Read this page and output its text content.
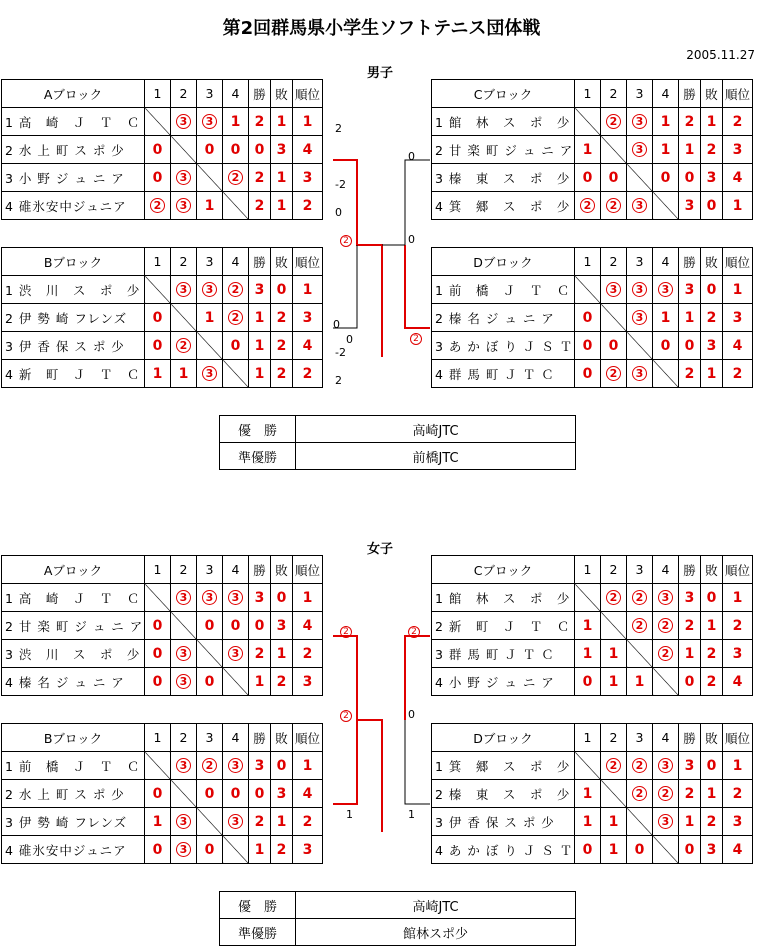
第2回群馬県小学生ソフトテニス団体戦
2005.11.27
男子
女子
Aブロック	1	2	3	4	勝	敗	順位
1 高　崎　Ｊ　Ｔ　Ｃ		3	3	1	2	1	1
2 水 上 町 ス ポ 少	0		0	0	0	3	4
3 小 野 ジ ュ ニ ア	0	3		2	2	1	3
4 碓氷安中ジュニア	2	3	1		2	1	2
Bブロック	1	2	3	4	勝	敗	順位
1 渋　川　ス　ポ　少		3	3	2	3	0	1
2 伊 勢 崎 フレンズ	0		1	2	1	2	3
3 伊 香 保 ス ポ 少	0	2		0	1	2	4
4 新　町　Ｊ　Ｔ　Ｃ	1	1	3		1	2	2
Cブロック	1	2	3	4	勝	敗	順位
1 館　林　ス　ポ　少		2	3	1	2	1	2
2 甘 楽 町 ジ ュ ニ ア	1		3	1	1	2	3
3 榛　東　ス　ポ　少	0	0		0	0	3	4
4 箕　郷　ス　ポ　少	2	2	3		3	0	1
Dブロック	1	2	3	4	勝	敗	順位
1 前　橋　Ｊ　Ｔ　Ｃ		3	3	3	3	0	1
2 榛 名 ジ ュ ニ ア	0		3	1	1	2	3
3 あ か ぼ り Ｊ Ｓ Ｔ	0	0		0	0	3	4
4 群 馬 町 Ｊ Ｔ Ｃ	0	2	3		2	1	2
Aブロック	1	2	3	4	勝	敗	順位
1 高　崎　Ｊ　Ｔ　Ｃ		3	3	3	3	0	1
2 甘 楽 町 ジ ュ ニ ア	0		0	0	0	3	4
3 渋　川　ス　ポ　少	0	3		3	2	1	2
4 榛 名 ジ ュ ニ ア	0	3	0		1	2	3
Bブロック	1	2	3	4	勝	敗	順位
1 前　橋　Ｊ　Ｔ　Ｃ		3	2	3	3	0	1
2 水 上 町 ス ポ 少	0		0	0	0	3	4
3 伊 勢 崎 フレンズ	1	3		3	2	1	2
4 碓氷安中ジュニア	0	3	0		1	2	3
Cブロック	1	2	3	4	勝	敗	順位
1 館　林　ス　ポ　少		2	2	3	3	0	1
2 新　町　Ｊ　Ｔ　Ｃ	1		2	2	2	1	2
3 群 馬 町 Ｊ Ｔ Ｃ	1	1		2	1	2	3
4 小 野 ジ ュ ニ ア	0	1	1		0	2	4
Dブロック	1	2	3	4	勝	敗	順位
1 箕　郷　ス　ポ　少		2	2	3	3	0	1
2 榛　東　ス　ポ　少	1		2	2	2	1	2
3 伊 香 保 ス ポ 少	1	1		3	1	2	3
4 あ か ぼ り Ｊ Ｓ Ｔ	0	1	0		0	3	4
2
-2
0
2
0
0
-2
2
0
0
2
2
2
1
2
0
1
優　勝	高崎JTC
準優勝	前橋JTC
優　勝	高崎JTC
準優勝	館林スポ少
